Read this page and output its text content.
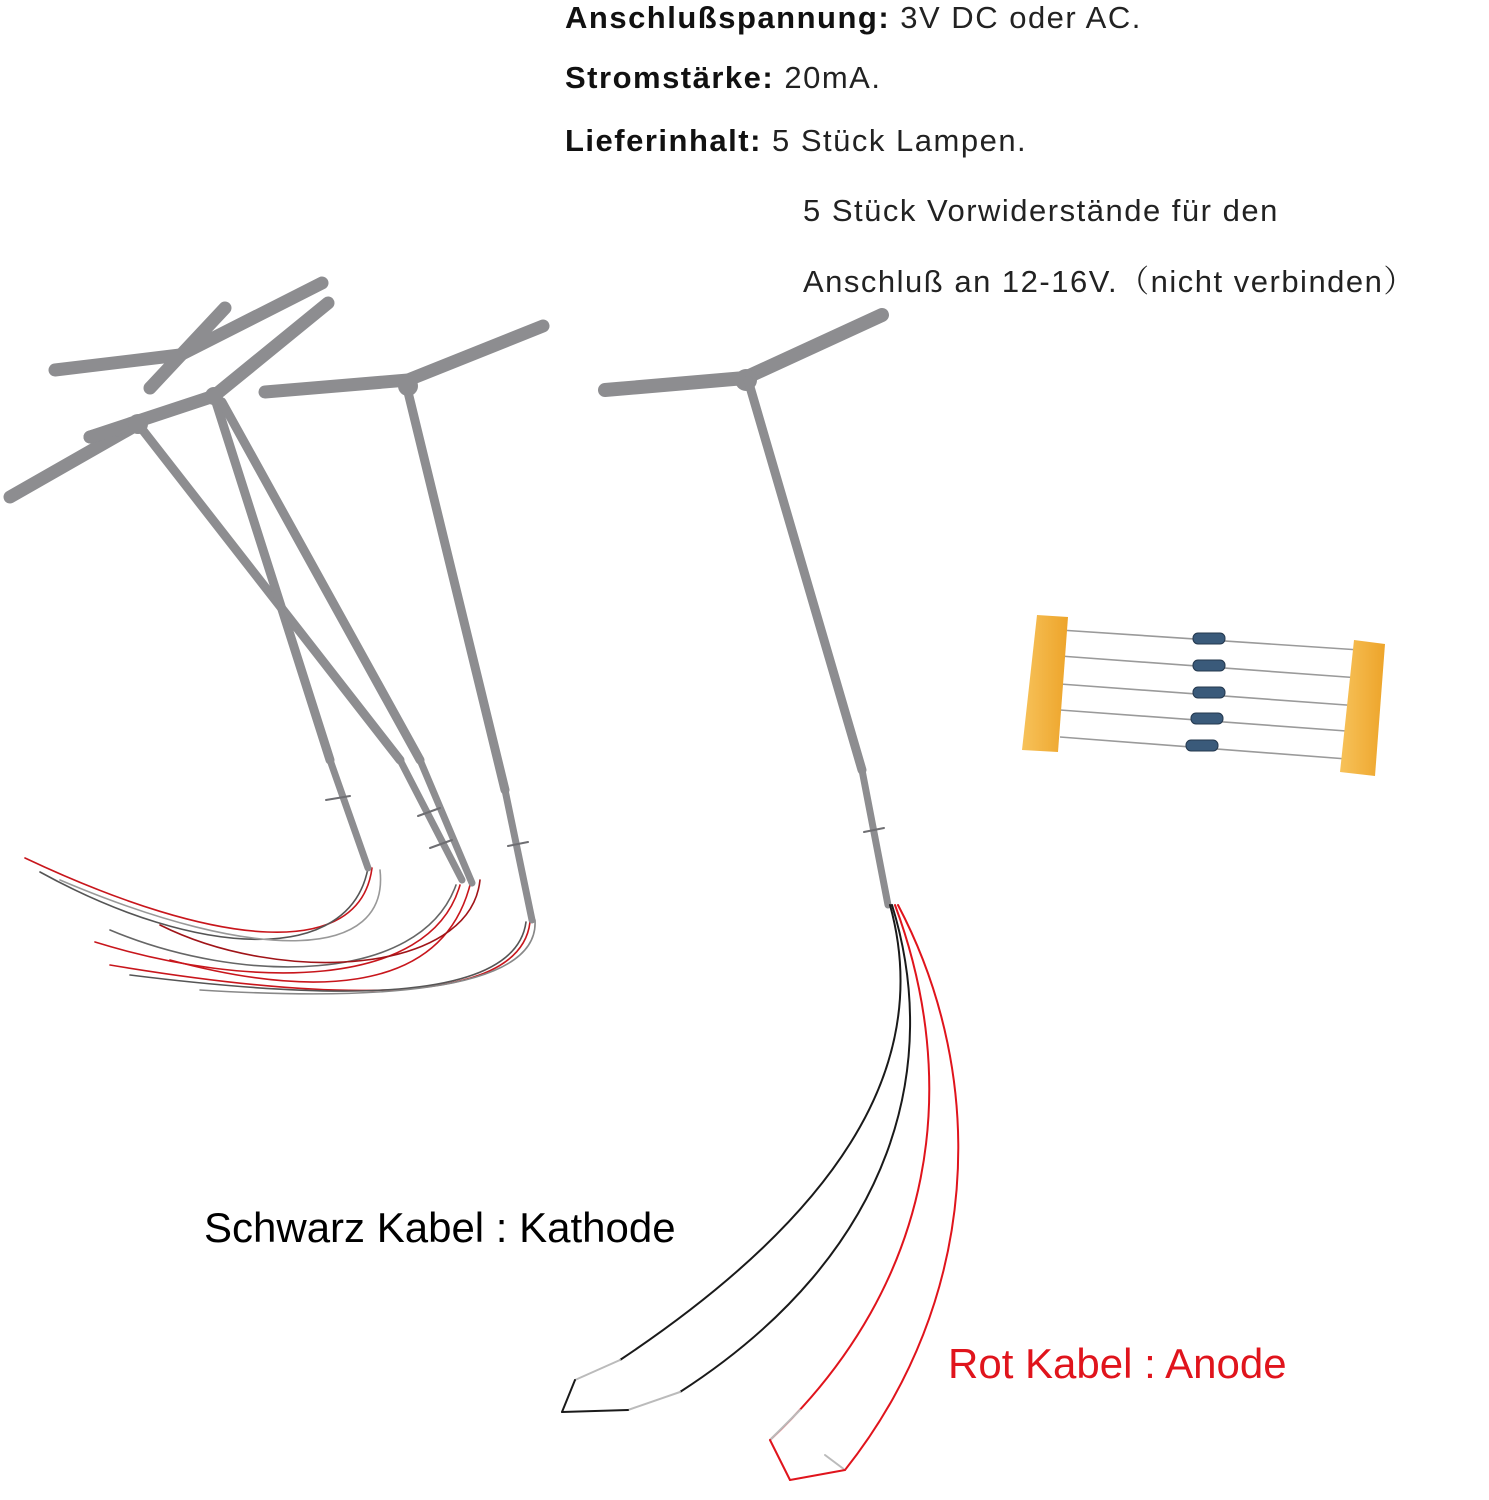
Anschlußspannung: 3V DC oder AC.
Stromstärke: 20mA.
Lieferinhalt: 5 Stück Lampen.
5 Stück Vorwiderstände für den
Anschluß an 12-16V.（nicht verbinden）
Schwarz Kabel : Kathode
Rot Kabel : Anode
